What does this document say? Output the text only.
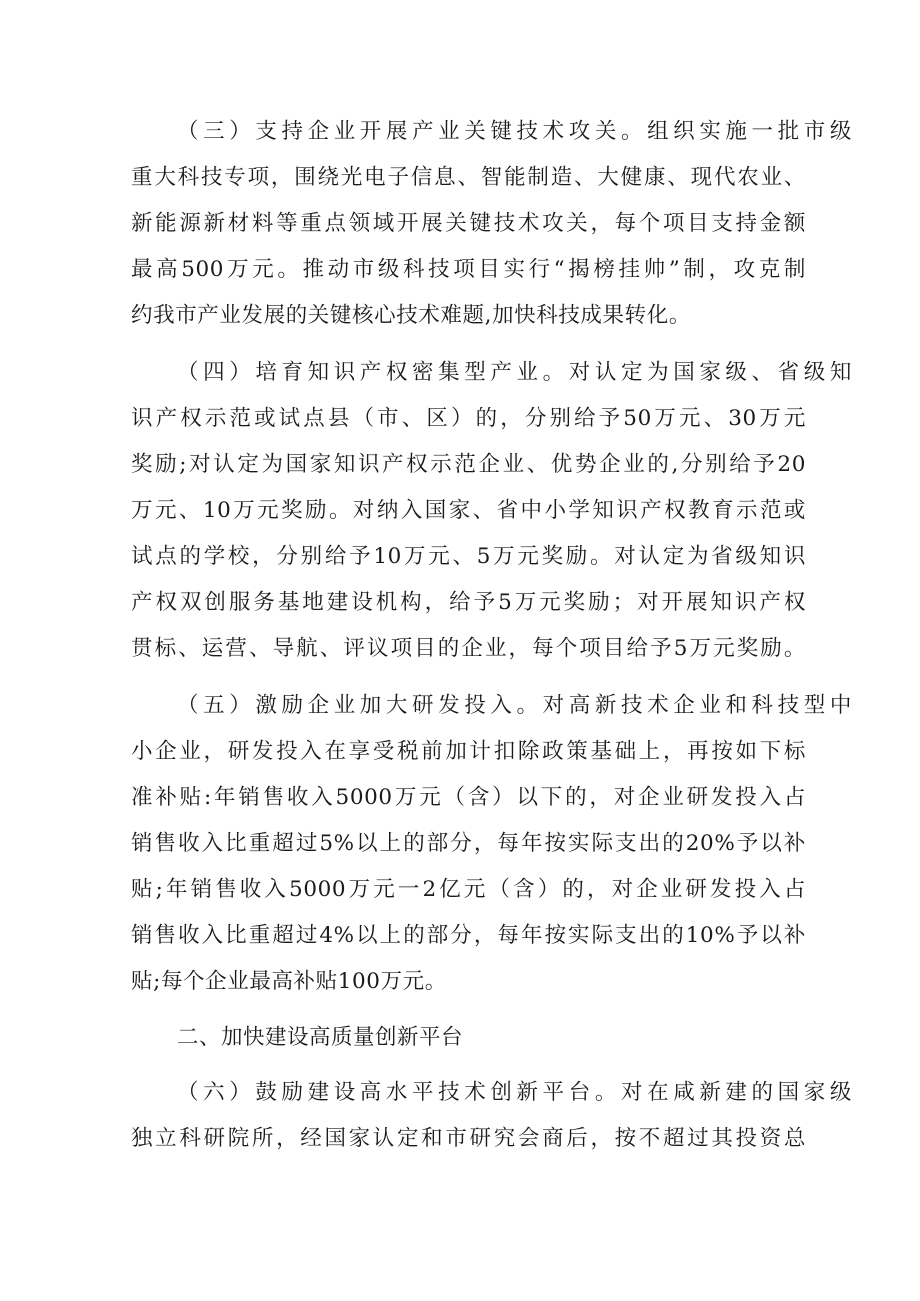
（三）支持企业开展产业关键技术攻关。组织实施一批市级
重大科技专项，围绕光电子信息、智能制造、大健康、现代农业、
新能源新材料等重点领域开展关键技术攻关，每个项目支持金额
最高500万元。推动市级科技项目实行“揭榜挂帅”制，攻克制
约我市产业发展的关键核心技术难题,加快科技成果转化。
（四）培育知识产权密集型产业。对认定为国家级、省级知
识产权示范或试点县（市、区）的，分别给予50万元、30万元
奖励;对认定为国家知识产权示范企业、优势企业的,分别给予20
万元、10万元奖励。对纳入国家、省中小学知识产权教育示范或
试点的学校，分别给予10万元、5万元奖励。对认定为省级知识
产权双创服务基地建设机构，给予5万元奖励；对开展知识产权
贯标、运营、导航、评议项目的企业，每个项目给予5万元奖励。
（五）激励企业加大研发投入。对高新技术企业和科技型中
小企业，研发投入在享受税前加计扣除政策基础上，再按如下标
准补贴:年销售收入5000万元（含）以下的，对企业研发投入占
销售收入比重超过5%以上的部分，每年按实际支出的20%予以补
贴;年销售收入5000万元一2亿元（含）的，对企业研发投入占
销售收入比重超过4%以上的部分，每年按实际支出的10%予以补
贴;每个企业最高补贴100万元。
二、加快建设高质量创新平台
（六）鼓励建设高水平技术创新平台。对在咸新建的国家级
独立科研院所，经国家认定和市研究会商后，按不超过其投资总
